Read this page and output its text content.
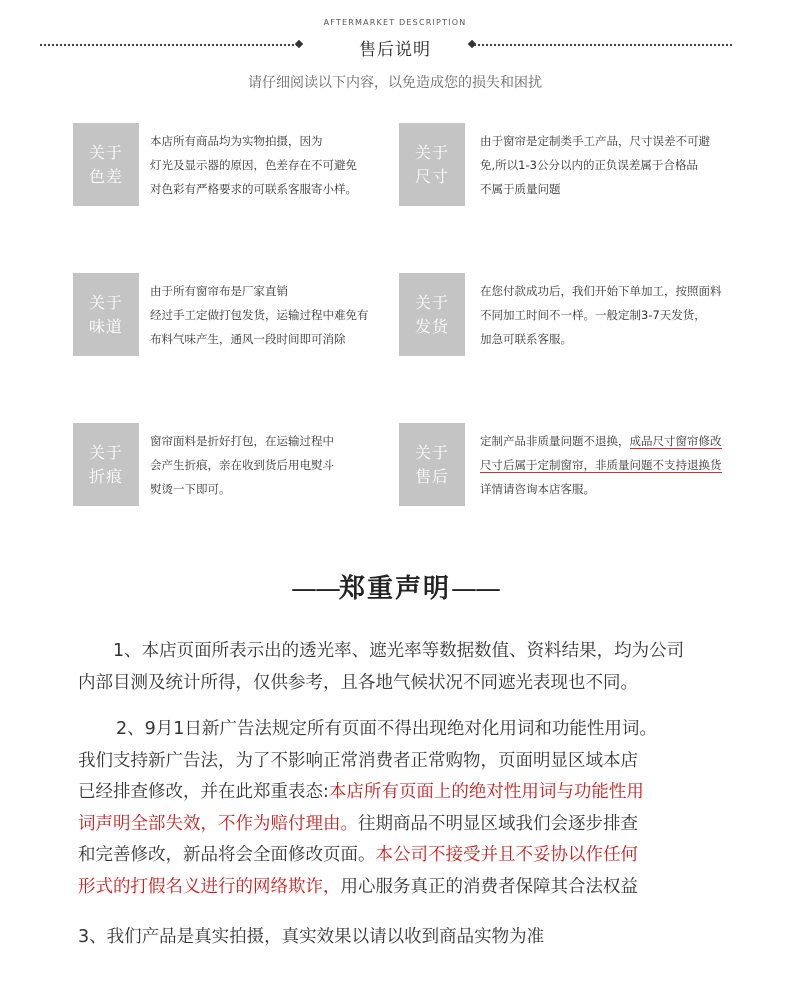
AFTERMARKET DESCRIPTION
售后说明
请仔细阅读以下内容，以免造成您的损失和困扰
关于
色差
本店所有商品均为实物拍摄，因为
灯光及显示器的原因，色差存在不可避免
对色彩有严格要求的可联系客服寄小样。
关于
尺寸
由于窗帘是定制类手工产品，尺寸误差不可避
免,所以1-3公分以内的正负误差属于合格品
不属于质量问题
关于
味道
由于所有窗帘布是厂家直销
经过手工定做打包发货，运输过程中难免有
布料气味产生，通风一段时间即可消除
关于
发货
在您付款成功后，我们开始下单加工，按照面料
不同加工时间不一样。一般定制3-7天发货，
加急可联系客服。
关于
折痕
窗帘面料是折好打包，在运输过程中
会产生折痕，亲在收到货后用电熨斗
熨烫一下即可。
关于
售后
定制产品非质量问题不退换，成品尺寸窗帘修改
尺寸后属于定制窗帘，非质量问题不支持退换货
详情请咨询本店客服。
——郑重声明——
1、本店页面所表示出的透光率、遮光率等数据数值、资料结果，均为公司
内部目测及统计所得，仅供参考，且各地气候状况不同遮光表现也不同。
2、9月1日新广告法规定所有页面不得出现绝对化用词和功能性用词。
我们支持新广告法，为了不影响正常消费者正常购物，页面明显区域本店
已经排查修改，并在此郑重表态:本店所有页面上的绝对性用词与功能性用
词声明全部失效，不作为赔付理由。往期商品不明显区域我们会逐步排查
和完善修改，新品将会全面修改页面。本公司不接受并且不妥协以作任何
形式的打假名义进行的网络欺诈，用心服务真正的消费者保障其合法权益
3、我们产品是真实拍摄，真实效果以请以收到商品实物为准
